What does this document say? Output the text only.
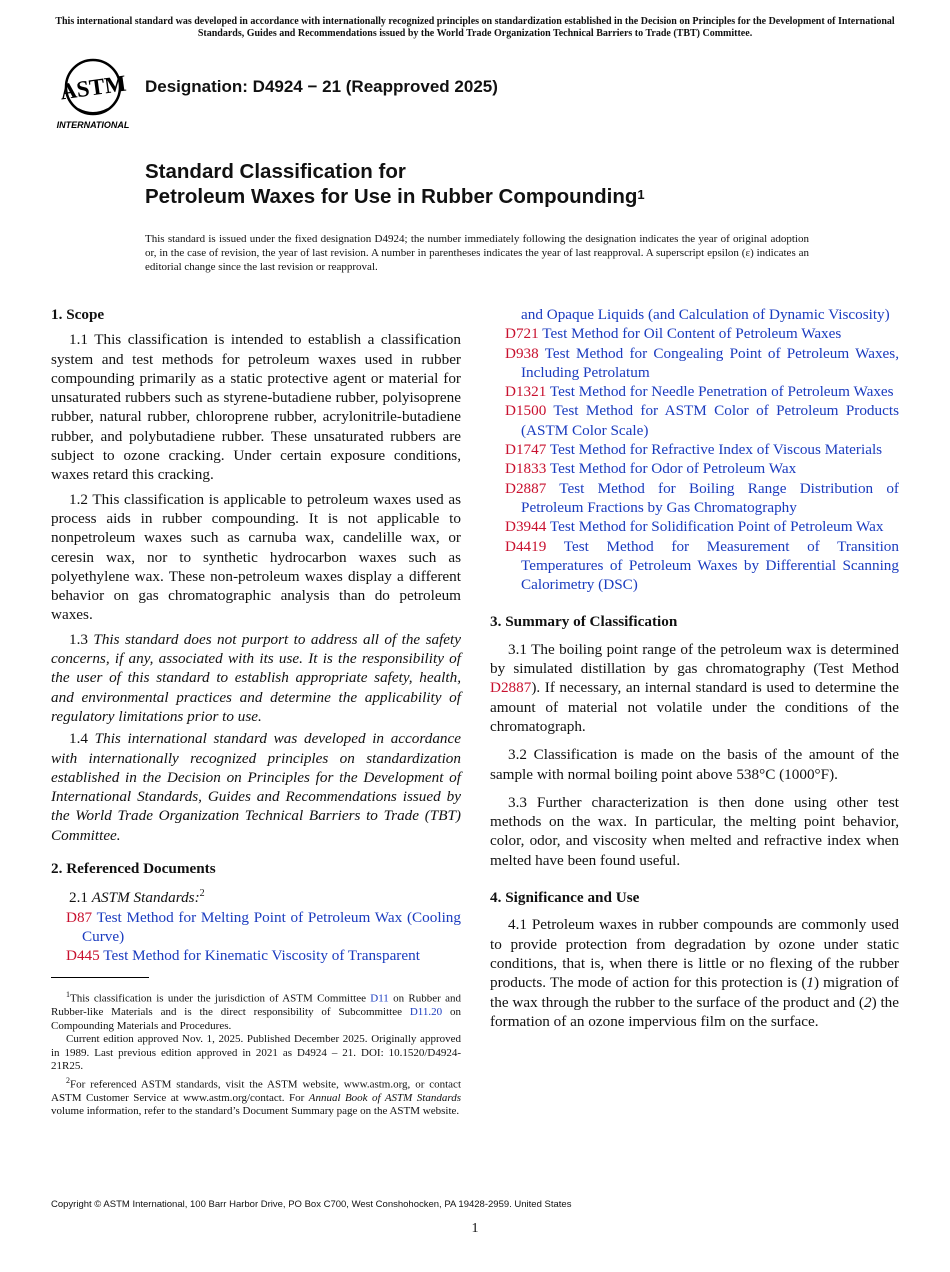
This international standard was developed in accordance with internationally recognized principles on standardization established in the Decision on Principles for the Development of International Standards, Guides and Recommendations issued by the World Trade Organization Technical Barriers to Trade (TBT) Committee.
ASTM
INTERNATIONAL
Designation: D4924 − 21 (Reapproved 2025)
Standard Classification for
Petroleum Waxes for Use in Rubber Compounding$^1$
This standard is issued under the fixed designation D4924; the number immediately following the designation indicates the year of original adoption or, in the case of revision, the year of last revision. A number in parentheses indicates the year of last reapproval. A superscript epsilon (ε) indicates an editorial change since the last revision or reapproval.
1. Scope

1.1 This classification is intended to establish a classification system and test methods for petroleum waxes used in rubber compounding primarily as a static protective agent or material for unsaturated rubbers such as styrene-butadiene rubber, polyisoprene rubber, natural rubber, chloroprene rubber, acrylonitrile-butadiene rubber, and polybutadiene rubber. These unsaturated rubbers are subject to ozone cracking. Under certain exposure conditions, waxes retard this cracking.

1.2 This classification is applicable to petroleum waxes used as process aids in rubber compounding. It is not applicable to nonpetroleum waxes such as carnuba wax, candelille wax, or ceresin wax, nor to synthetic hydrocarbon waxes such as polyethylene wax. These non-petroleum waxes display a different behavior on gas chromatographic analysis than do petroleum waxes.

1.3 This standard does not purport to address all of the safety concerns, if any, associated with its use. It is the responsibility of the user of this standard to establish appropriate safety, health, and environmental practices and determine the applicability of regulatory limitations prior to use.

1.4 This international standard was developed in accordance with internationally recognized principles on standardization established in the Decision on Principles for the Development of International Standards, Guides and Recommendations issued by the World Trade Organization Technical Barriers to Trade (TBT) Committee.

2. Referenced Documents

2.1 ASTM Standards:$^2$

D87 Test Method for Melting Point of Petroleum Wax (Cooling Curve)

D445 Test Method for Kinematic Viscosity of Transparent

and Opaque Liquids (and Calculation of Dynamic Viscosity)

D721 Test Method for Oil Content of Petroleum Waxes

D938 Test Method for Congealing Point of Petroleum Waxes, Including Petrolatum

D1321 Test Method for Needle Penetration of Petroleum Waxes

D1500 Test Method for ASTM Color of Petroleum Products (ASTM Color Scale)

D1747 Test Method for Refractive Index of Viscous Materials

D1833 Test Method for Odor of Petroleum Wax

D2887 Test Method for Boiling Range Distribution of Petroleum Fractions by Gas Chromatography

D3944 Test Method for Solidification Point of Petroleum Wax

D4419 Test Method for Measurement of Transition Temperatures of Petroleum Waxes by Differential Scanning Calorimetry (DSC)

3. Summary of Classification

3.1 The boiling point range of the petroleum wax is determined by simulated distillation by gas chromatography (Test Method D2887). If necessary, an internal standard is used to determine the amount of material not volatile under the conditions of the chromatograph.

3.2 Classification is made on the basis of the amount of the sample with normal boiling point above 538°C (1000°F).

3.3 Further characterization is then done using other test methods on the wax. In particular, the melting point behavior, color, odor, and viscosity when melted and refractive index when melted have been found useful.

4. Significance and Use

4.1 Petroleum waxes in rubber compounds are commonly used to provide protection from degradation by ozone under static conditions, that is, when there is little or no flexing of the rubber products. The mode of action for this protection is (1) migration of the wax through the rubber to the surface of the product and (2) the formation of an ozone impervious film on the surface.

$^1$This classification is under the jurisdiction of ASTM Committee D11 on Rubber and Rubber-like Materials and is the direct responsibility of Subcommittee D11.20 on Compounding Materials and Procedures.

Current edition approved Nov. 1, 2025. Published December 2025. Originally approved in 1989. Last previous edition approved in 2021 as D4924 – 21. DOI: 10.1520/D4924-21R25.

$^2$For referenced ASTM standards, visit the ASTM website, www.astm.org, or contact ASTM Customer Service at www.astm.org/contact. For Annual Book of ASTM Standards volume information, refer to the standard’s Document Summary page on the ASTM website.

Copyright © ASTM International, 100 Barr Harbor Drive, PO Box C700, West Conshohocken, PA 19428-2959. United States
1
